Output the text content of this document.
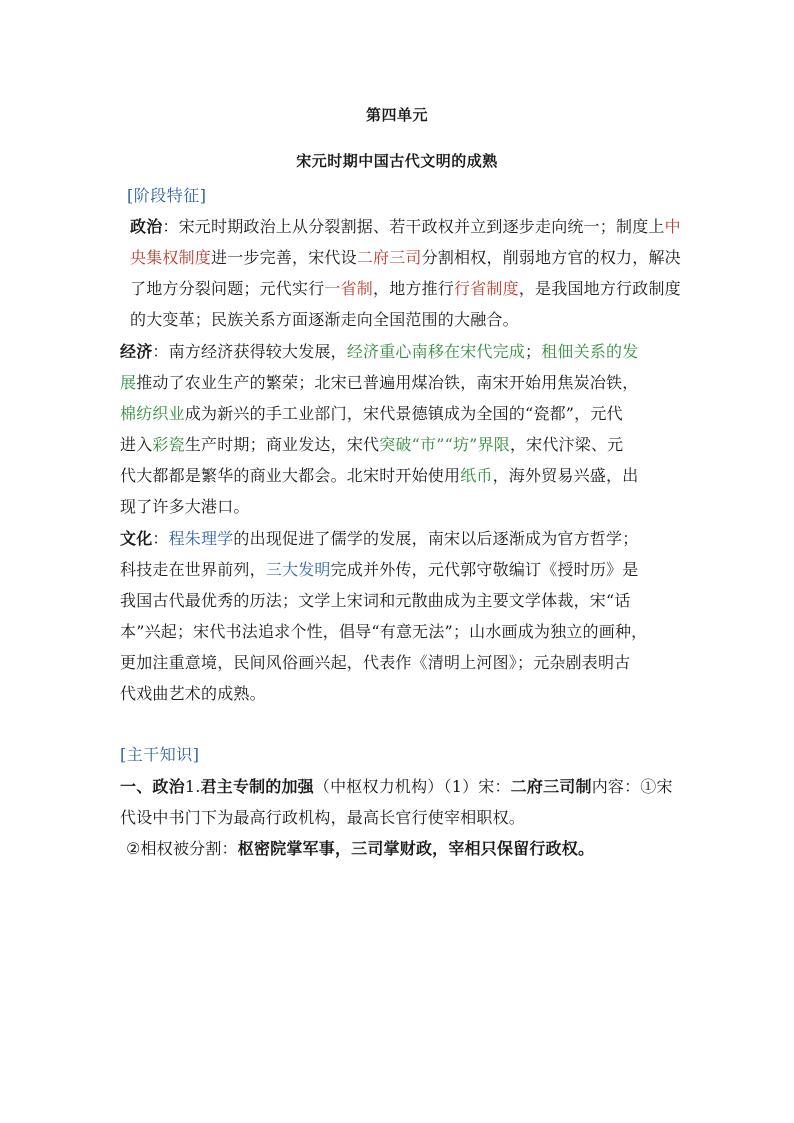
第四单元
宋元时期中国古代文明的成熟
[阶段特征]
政治：宋元时期政治上从分裂割据、若干政权并立到逐步走向统一；制度上中
央集权制度进一步完善，宋代设二府三司分割相权，削弱地方官的权力，解决
了地方分裂问题；元代实行一省制，地方推行行省制度，是我国地方行政制度
的大变革；民族关系方面逐渐走向全国范围的大融合。
经济：南方经济获得较大发展，经济重心南移在宋代完成；租佃关系的发
展推动了农业生产的繁荣；北宋已普遍用煤冶铁，南宋开始用焦炭冶铁，
棉纺织业成为新兴的手工业部门，宋代景德镇成为全国的“瓷都”，元代
进入彩瓷生产时期；商业发达，宋代突破“市”“坊”界限，宋代汴梁、元
代大都都是繁华的商业大都会。北宋时开始使用纸币，海外贸易兴盛，出
现了许多大港口。
文化：程朱理学的出现促进了儒学的发展，南宋以后逐渐成为官方哲学；
科技走在世界前列，三大发明完成并外传，元代郭守敬编订《授时历》是
我国古代最优秀的历法；文学上宋词和元散曲成为主要文学体裁，宋“话
本”兴起；宋代书法追求个性，倡导“有意无法”；山水画成为独立的画种，
更加注重意境，民间风俗画兴起，代表作《清明上河图》；元杂剧表明古
代戏曲艺术的成熟。
[主干知识]
一、政治1.君主专制的加强（中枢权力机构）（1）宋：二府三司制内容：①宋
代设中书门下为最高行政机构，最高长官行使宰相职权。
②相权被分割：枢密院掌军事，三司掌财政，宰相只保留行政权。
